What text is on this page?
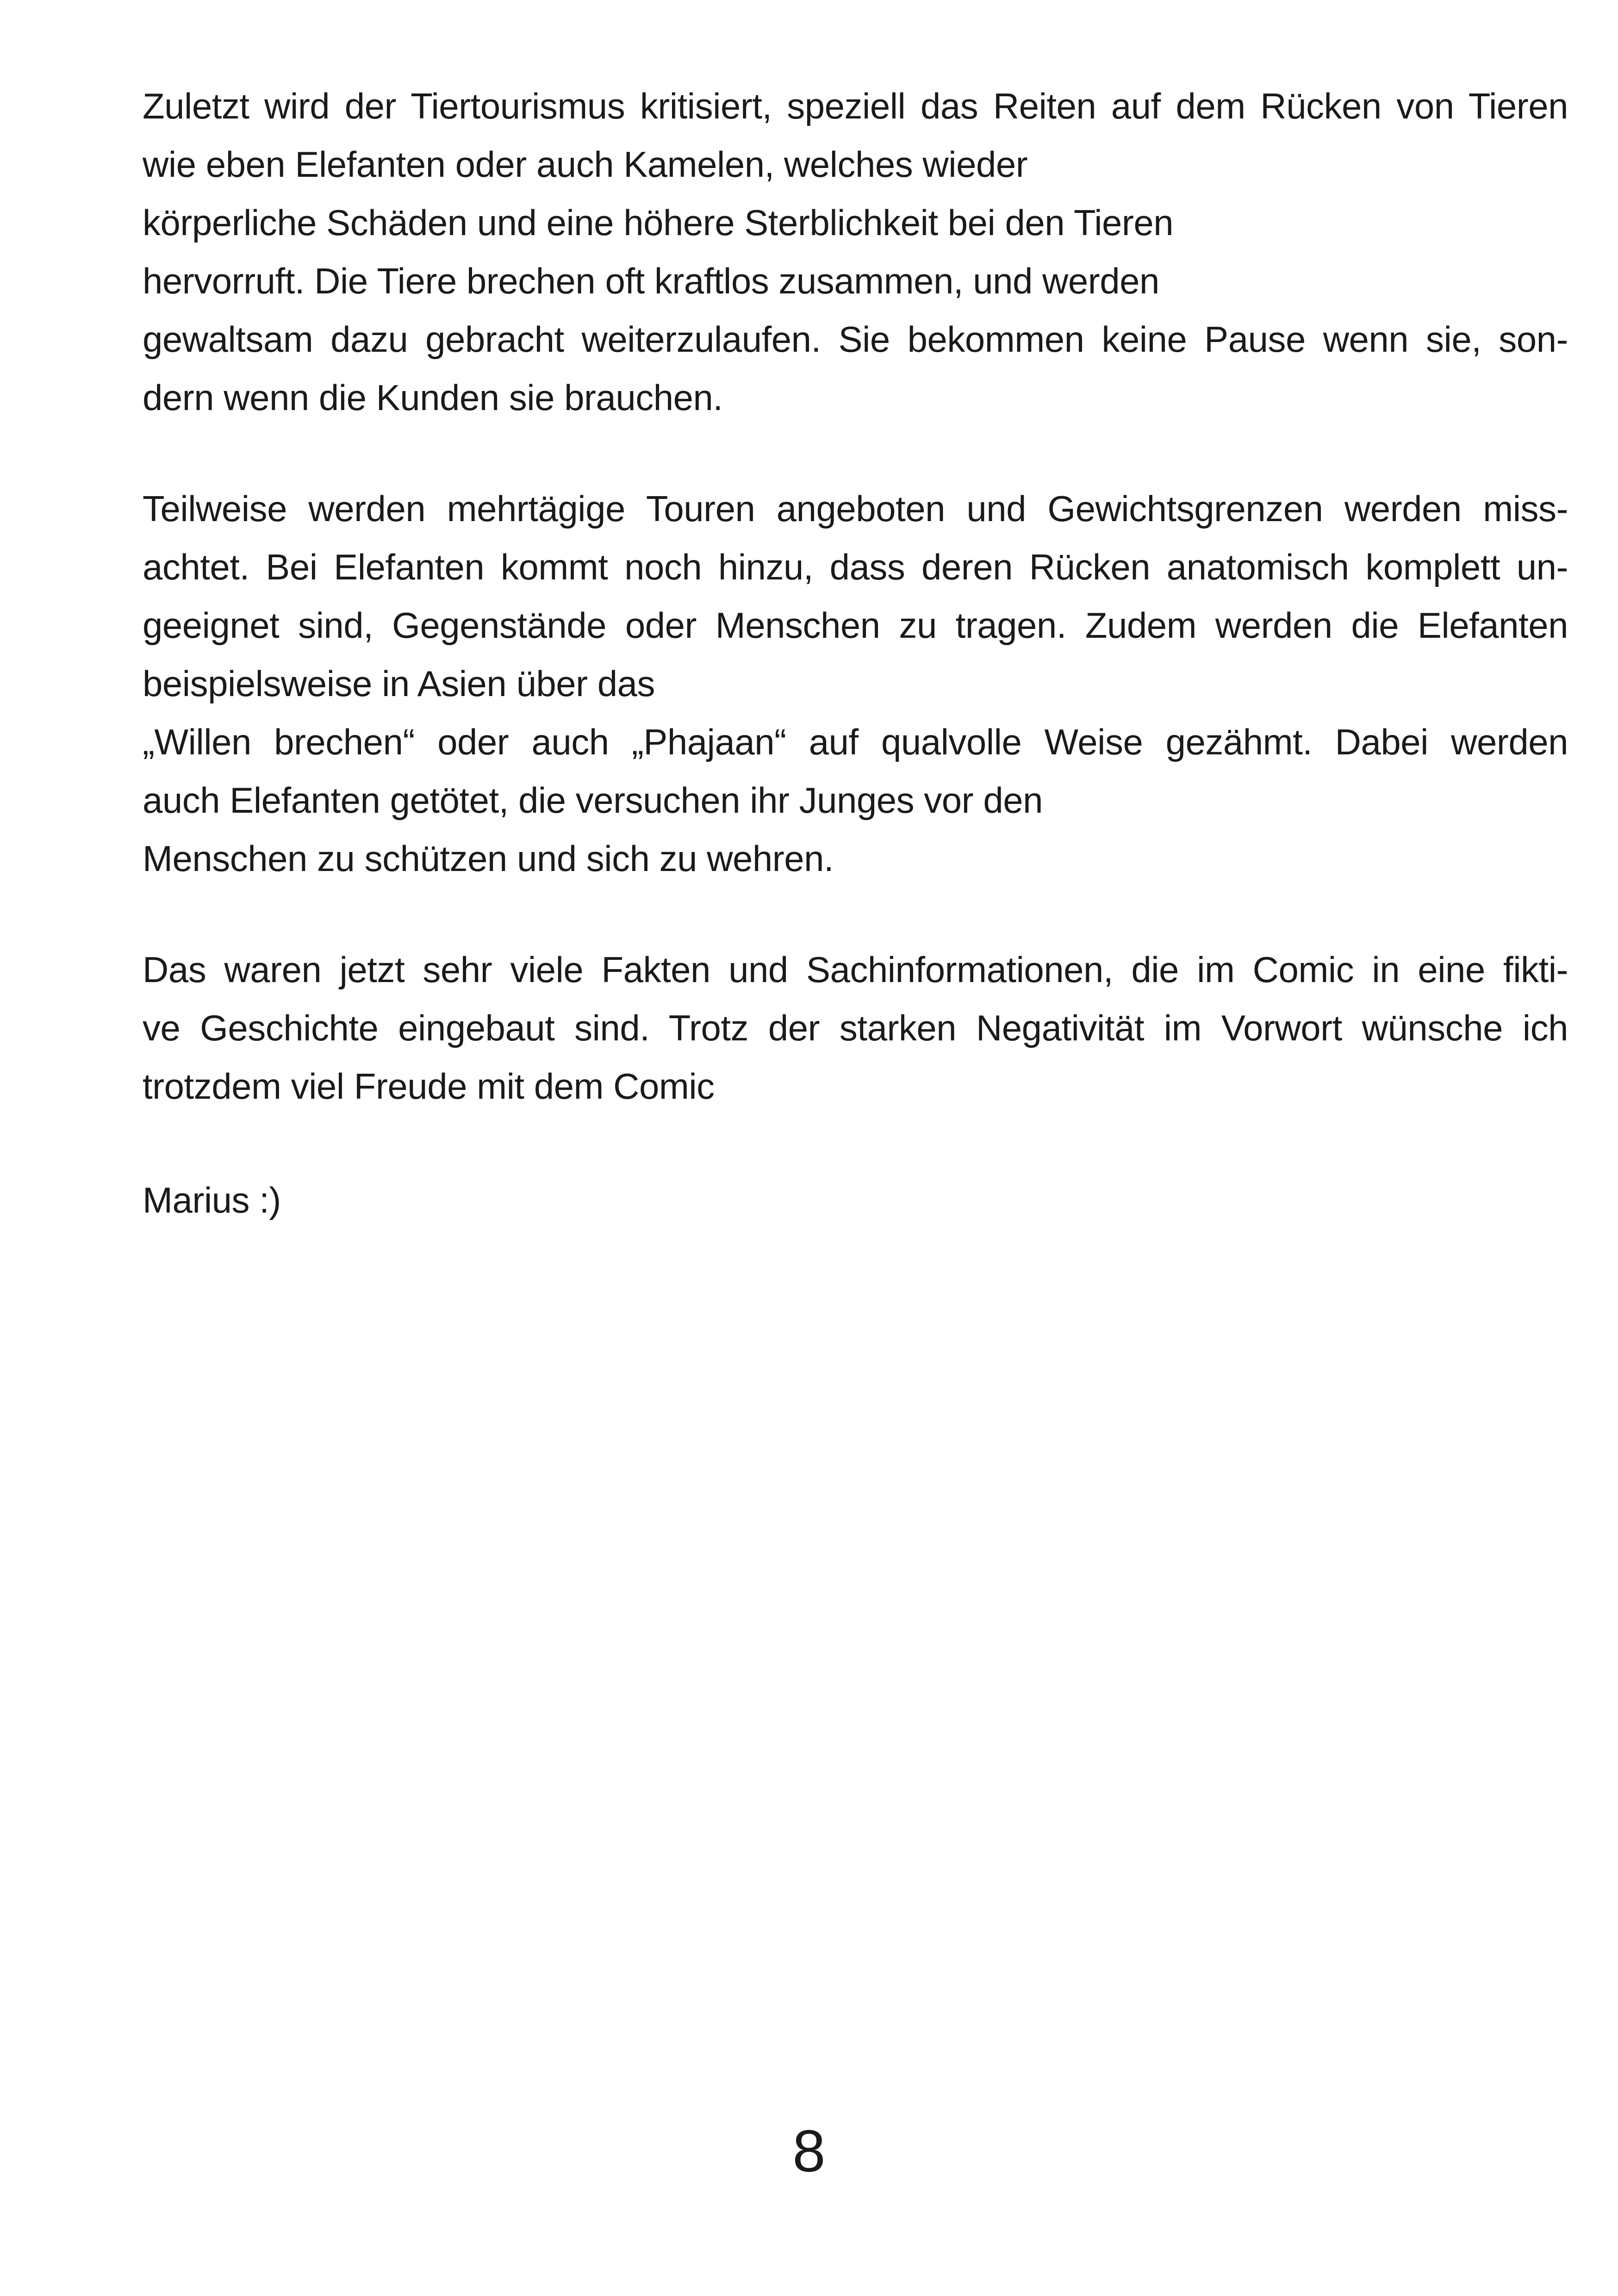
Zuletzt wird der Tiertourismus kritisiert, speziell das Reiten auf dem Rücken von Tieren
wie eben Elefanten oder auch Kamelen, welches wieder
körperliche Schäden und eine höhere Sterblichkeit bei den Tieren
hervorruft. Die Tiere brechen oft kraftlos zusammen, und werden
gewaltsam dazu gebracht weiterzulaufen. Sie bekommen keine Pause wenn sie, son-
dern wenn die Kunden sie brauchen.
Teilweise werden mehrtägige Touren angeboten und Gewichtsgrenzen werden miss-
achtet. Bei Elefanten kommt noch hinzu, dass deren Rücken anatomisch komplett un-
geeignet sind, Gegenstände oder Menschen zu tragen. Zudem werden die Elefanten
beispielsweise in Asien über das
„Willen brechen“ oder auch „Phajaan“ auf qualvolle Weise gezähmt. Dabei werden
auch Elefanten getötet, die versuchen ihr Junges vor den
Menschen zu schützen und sich zu wehren.
Das waren jetzt sehr viele Fakten und Sachinformationen, die im Comic in eine fikti-
ve Geschichte eingebaut sind. Trotz der starken Negativität im Vorwort wünsche ich
trotzdem viel Freude mit dem Comic
Marius :)
8
